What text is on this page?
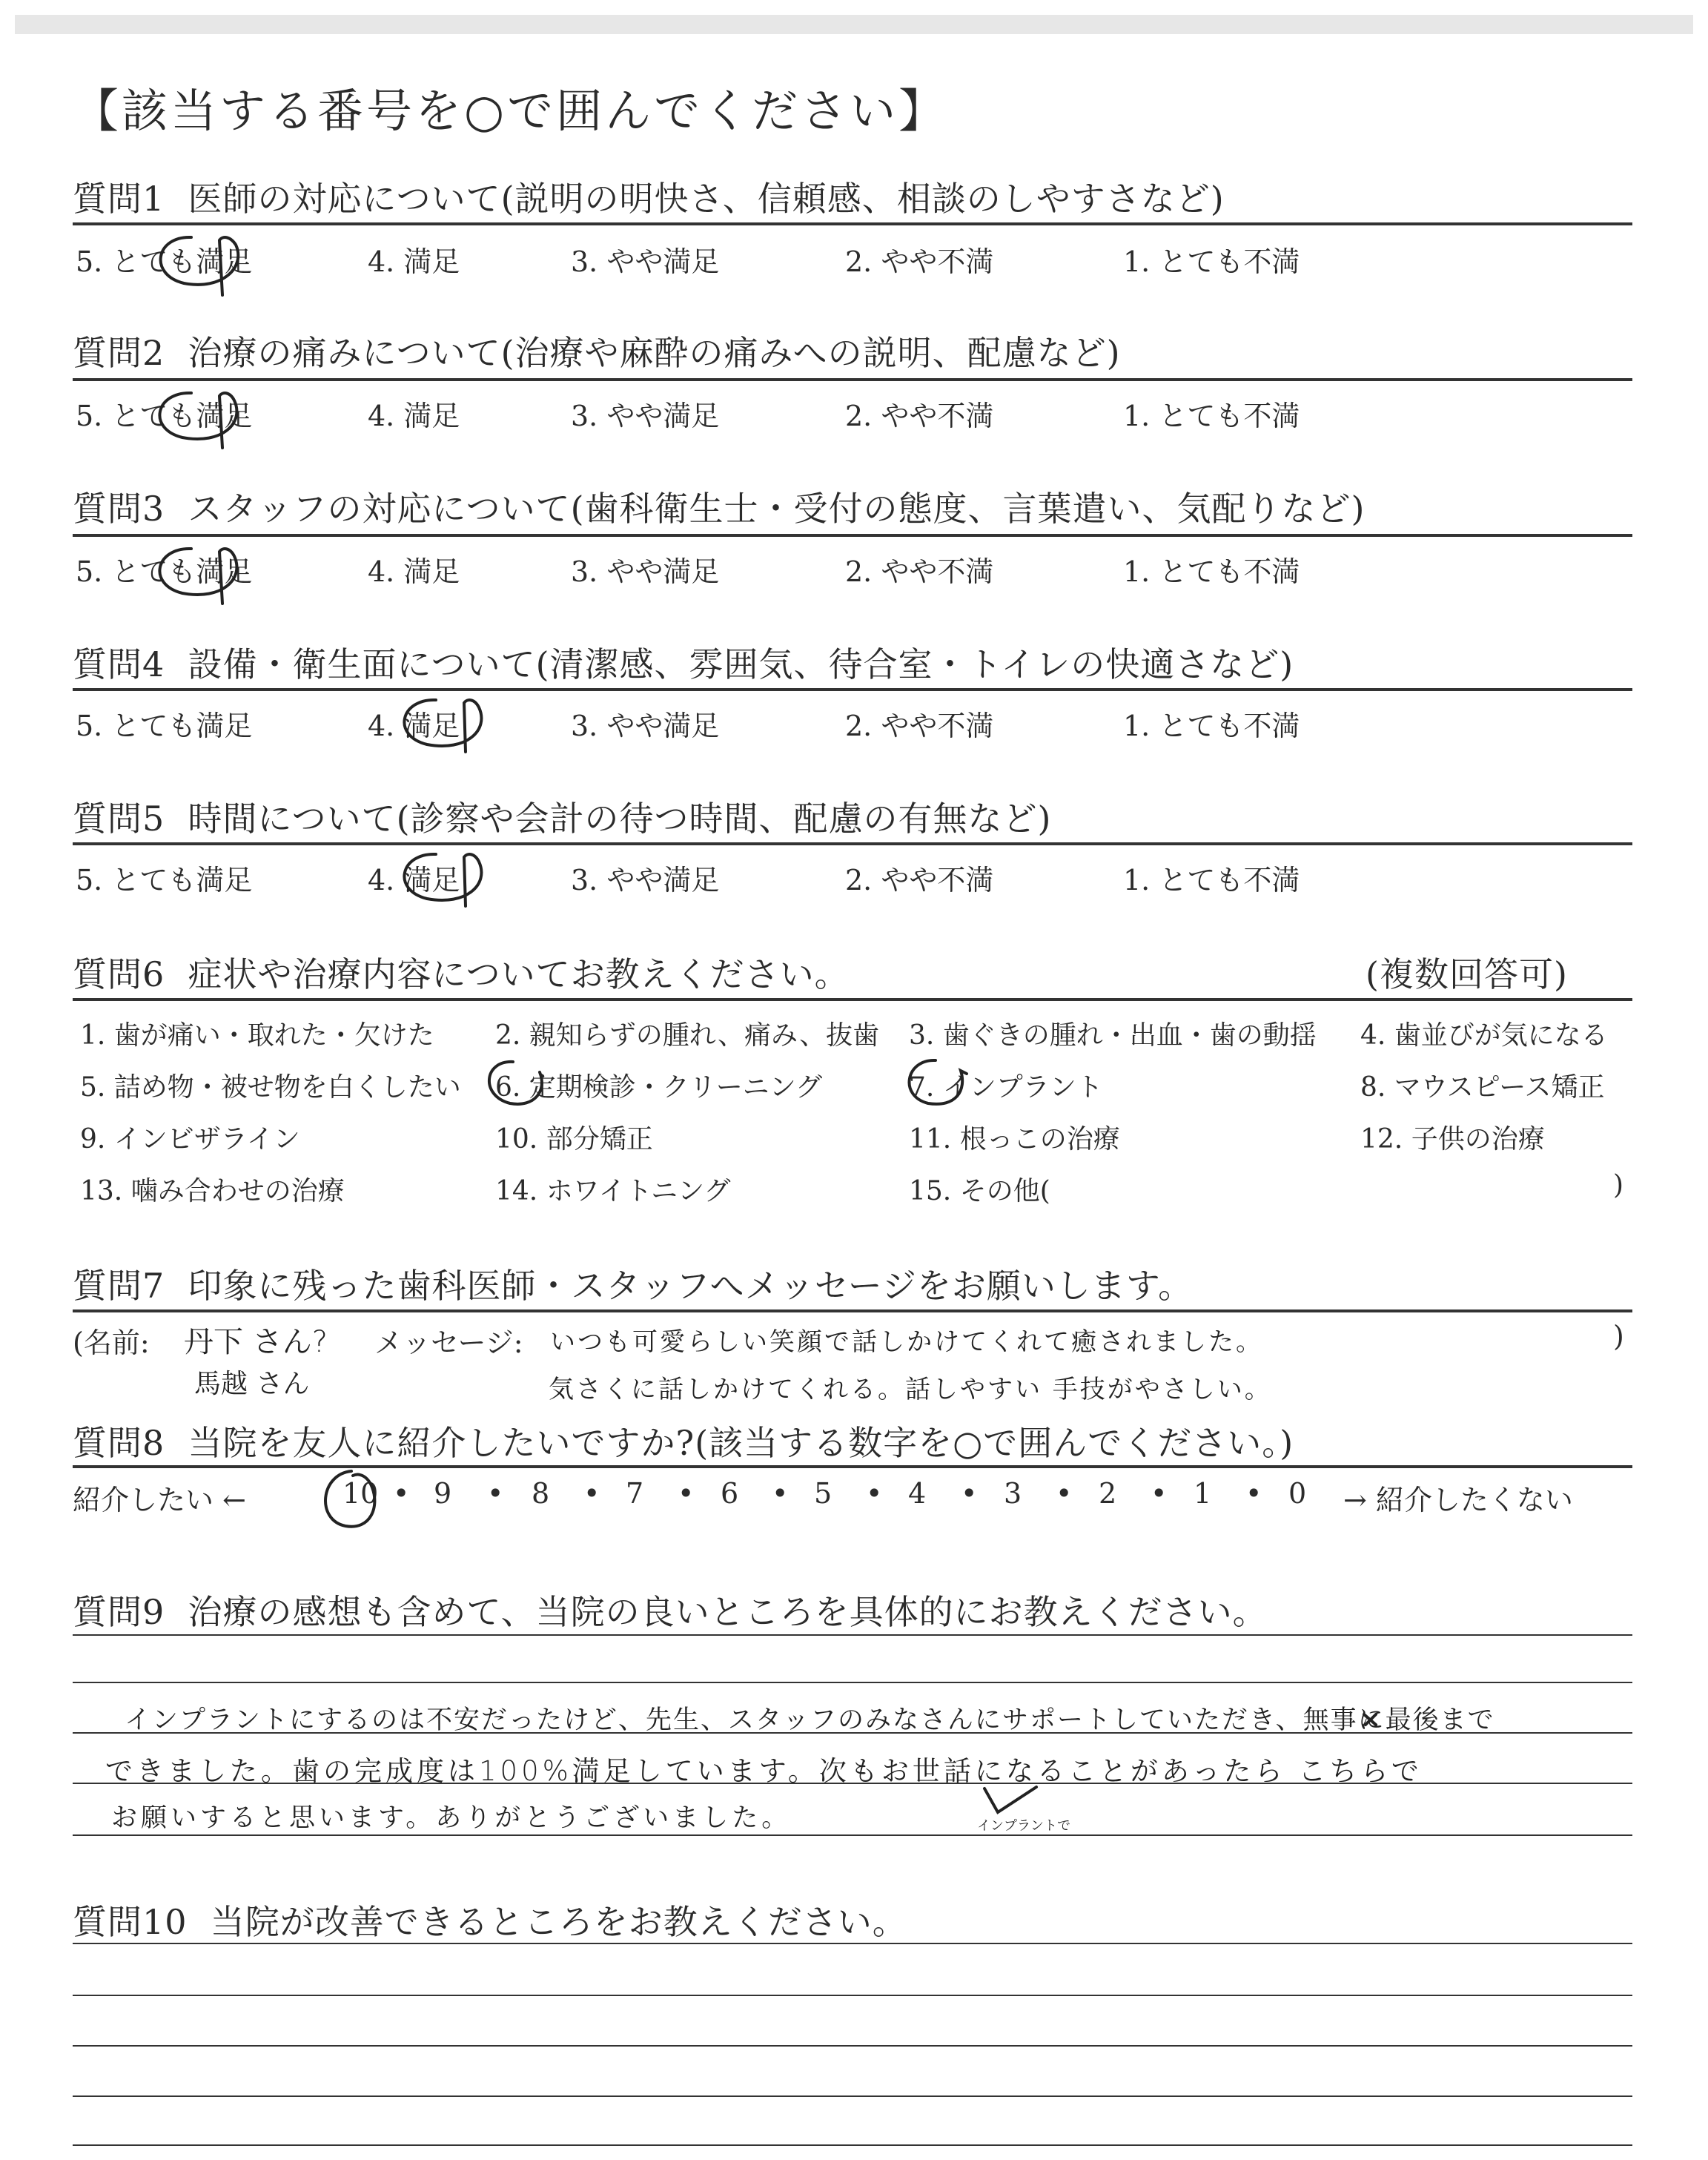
【該当する番号を○で囲んでください】
質問1 医師の対応について(説明の明快さ、信頼感、相談のしやすさなど)
5. とても満足	4. 満足	3. やや満足	2. やや不満	1. とても不満
質問2 治療の痛みについて(治療や麻酔の痛みへの説明、配慮など)
5. とても満足	4. 満足	3. やや満足	2. やや不満	1. とても不満
質問3 スタッフの対応について(歯科衛生士・受付の態度、言葉遣い、気配りなど)
5. とても満足	4. 満足	3. やや満足	2. やや不満	1. とても不満
質問4 設備・衛生面について(清潔感、雰囲気、待合室・トイレの快適さなど)
5. とても満足	4. 満足	3. やや満足	2. やや不満	1. とても不満
質問5 時間について(診察や会計の待つ時間、配慮の有無など)
5. とても満足	4. 満足	3. やや満足	2. やや不満	1. とても不満
質問6 症状や治療内容についてお教えください。	(複数回答可)
1. 歯が痛い・取れた・欠けた 2. 親知らずの腫れ、痛み、抜歯 3. 歯ぐきの腫れ・出血・歯の動揺 4. 歯並びが気になる
5. 詰め物・被せ物を白くしたい 6. 定期検診・クリーニング	7. インプラント	8. マウスピース矯正
9. インビザライン	10. 部分矯正	11. 根っこの治療	12. 子供の治療
13. 噛み合わせの治療	14. ホワイトニング	15. その他(	)
質問7 印象に残った歯科医師・スタッフへメッセージをお願いします。
(名前: 丹下 さん? メッセージ: いつも可愛らしい笑顔で話しかけてくれて癒されました。	)
馬越 さん	気さくに話しかけてくれる。話しやすい 手技がやさしい。
質問8 当院を友人に紹介したいですか?(該当する数字を○で囲んでください。)
紹介したい ←	→ 紹介したくない
10 • 9 • 8 • 7 • 6 • 5 • 4 • 3 • 2 • 1 • 0
質問9 治療の感想も含めて、当院の良いところを具体的にお教えください。
インプラントにするのは不安だったけど、先生、スタッフのみなさんにサポートしていただき、無事に最後まで
できました。歯の完成度は100%満足しています。次もお世話になることがあったら こちらで
お願いすると思います。ありがとうございました。	インプラントで
質問10 当院が改善できるところをお教えください。
